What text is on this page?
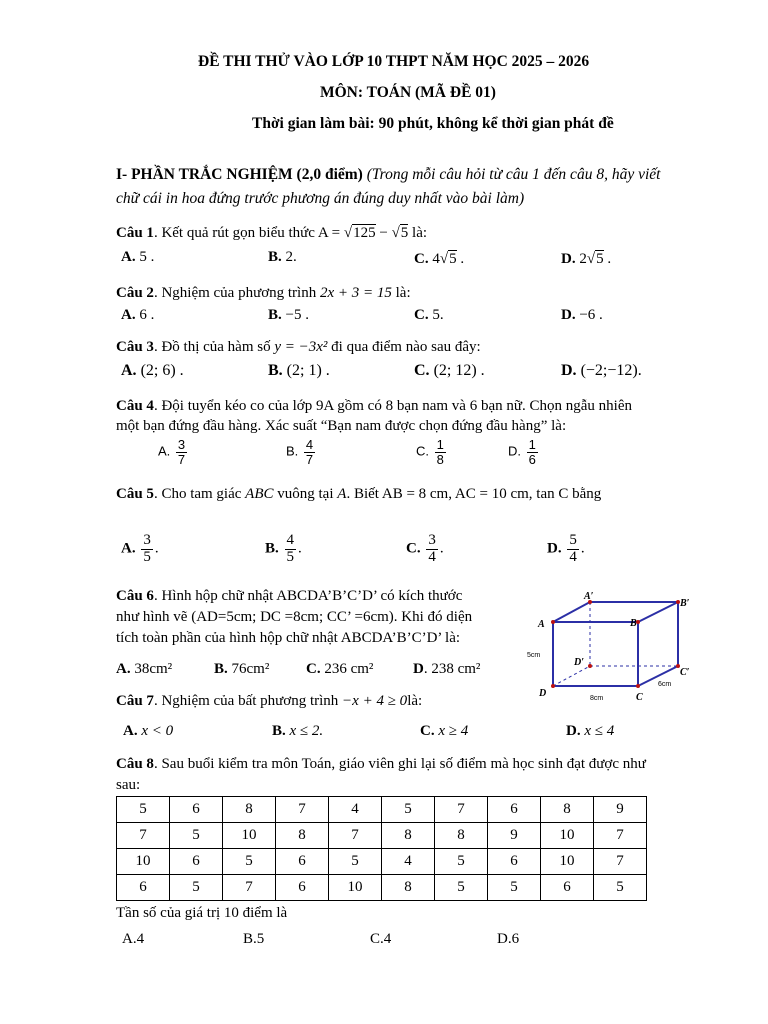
ĐỀ THI THỬ VÀO LỚP 10 THPT NĂM HỌC 2025 – 2026
MÔN: TOÁN (MÃ ĐỀ 01)
Thời gian làm bài: 90 phút, không kể thời gian phát đề
I- PHẦN TRẮC NGHIỆM (2,0 điểm) (Trong mỗi câu hỏi từ câu 1 đến câu 8, hãy viết
chữ cái in hoa đứng trước phương án đúng duy nhất vào bài làm)
Câu 1. Kết quả rút gọn biểu thức A = √125 − √5 là:
A. 5 .	B. 2.	C. 4√5 .	D. 2√5 .
Câu 2. Nghiệm của phương trình 2x + 3 = 15 là:
A. 6 .	B. −5 .	C. 5.	D. −6 .
Câu 3. Đồ thị của hàm số y = −3x² đi qua điểm nào sau đây:
A. (2; 6) .	B. (2; 1) .	C. (2; 12) .	D. (−2;−12).
Câu 4. Đội tuyển kéo co của lớp 9A gồm có 8 bạn nam và 6 bạn nữ. Chọn ngẫu nhiên
một bạn đứng đầu hàng. Xác suất “Bạn nam được chọn đứng đầu hàng” là:
A. $\frac{3}{7}$	B. $\frac{4}{7}$	C. $\frac{1}{8}$	D. $\frac{1}{6}$
Câu 5. Cho tam giác ABC vuông tại A. Biết AB = 8 cm, AC = 10 cm, tan C bằng
A. $\frac{3}{5}$ .	B. $\frac{4}{5}$ .	C. $\frac{3}{4}$ .	D. $\frac{5}{4}$ .
Câu 6. Hình hộp chữ nhật ABCDA’B’C’D’ có kích thước
như hình vẽ (AD=5cm; DC =8cm; CC’ =6cm). Khi đó diện
tích toàn phần của hình hộp chữ nhật ABCDA’B’C’D’ là:
A. 38cm²	B. 76cm² C. 236 cm²	D. 238 cm²
A′
B′
A	B
D′
C′
D	C
5cm
8cm
6cm
Câu 7. Nghiệm của bất phương trình −x + 4 ≥ 0là:
A. x < 0	B. x ≤ 2.	C. x ≥ 4	D. x ≤ 4
Câu 8. Sau buổi kiểm tra môn Toán, giáo viên ghi lại số điểm mà học sinh đạt được như
sau:
5	6	8	7	4	5	7	6	8	9
7	5	10	8	7	8	8	9	10	7
10	6	5	6	5	4	5	6	10	7
6	5	7	6	10	8	5	5	6	5
Tần số của giá trị 10 điểm là
A.4	B.5	C.4	D.6
